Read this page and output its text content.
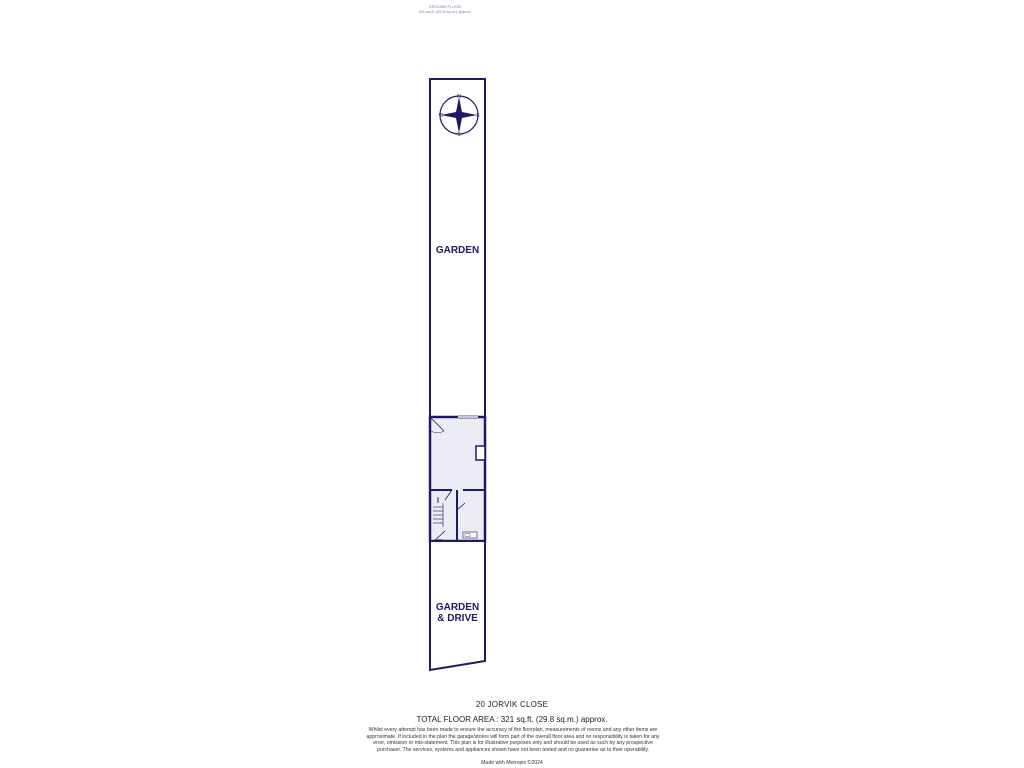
GROUND FLOOR
321 sq.ft. (29.8 sq.m.) approx.
N
E
S
W
GARDEN
GARDEN
& DRIVE
20 JORVIK CLOSE
TOTAL FLOOR AREA : 321 sq.ft. (29.8 sq.m.) approx.
Whilst every attempt has been made to ensure the accuracy of the floorplan, measurements of rooms and any other items are approximate. If included in the plan the garage/stores will form part of the overall floor area and no responsibility is taken for any error, omission or mis-statement. This plan is for illustrative purposes only and should be used as such by any prospective purchaser. The services, systems and appliances shown have not been tested and no guarantee as to their operability.
Made with Metropix ©2024
